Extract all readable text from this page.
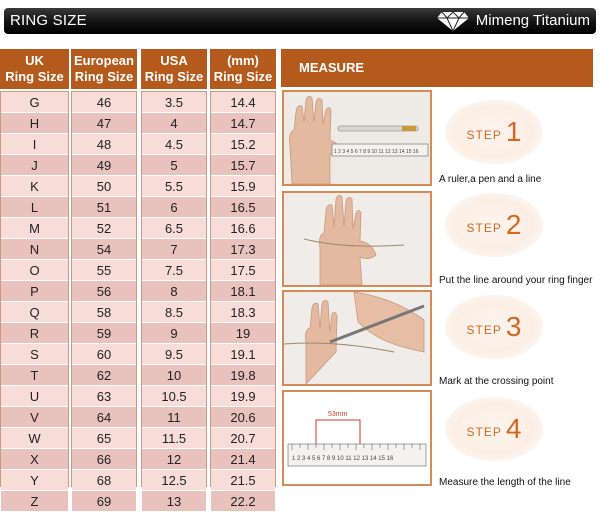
RING SIZE	Mimeng Titanium
UK
Ring Size
European
Ring Size
USA
Ring Size
(mm)
Ring Size
G
H
I
J
K
L
M
N
O
P
Q
R
S
T
U
V
W
X
Y
Z
46
47
48
49
50
51
52
54
55
56
58
59
60
62
63
64
65
66
68
69
3.5
4
4.5
5
5.5
6
6.5
7
7.5
8
8.5
9
9.5
10
10.5
11
11.5
12
12.5
13
14.4
14.7
15.2
15.7
15.9
16.5
16.6
17.3
17.5
18.1
18.3
19
19.1
19.8
19.9
20.6
20.7
21.4
21.5
22.2
MEASURE
1 2 3 4 5 6 7 8 9 10 11 12 13 14 15 16
STEP 1
A ruler,a pen and a line
STEP 2
Put the line around your ring finger
STEP 3
Mark at the crossing point
53mm
1 2 3 4 5 6 7 8 9 10 11 12 13 14 15 16
STEP 4
Measure the length of the line
